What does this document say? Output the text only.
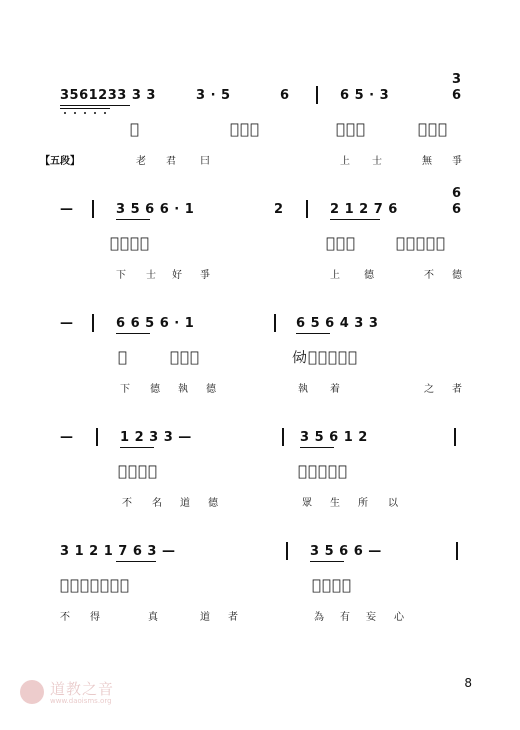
3
3561233 3 3	3 · 5	6	6 5 · 3	6
𫡸	𫢃𫡷𫡫	𫢅𫢃𫡺	𫢆𫢇𫢈
【五段】	老 君 曰	上 士	無 爭
6
—	3 5 6 6 · 1	2	2 1 2 7 6	6
𫢉𫢊𫢋𫢌	𫢍𫢎𫢏	𫢐𫢑𫢒𫢓𫢔
下 士 好 爭	上 德	不 德
—	6 6 5 6 · 1	6 5 6 4 3 3
𫢕	𫢖𫢗𫢘	𫢙𫢚𫢛𫢜𫢝𫢞
下 德 執 德	執 着	之 者
—	1 2 3 3 —	3 5 6 1 2
𫢟𫢠𫢡𫢢	𫢣𫢤𫢥𫢦𫢧
不 名 道 德	眾 生 所 以
3 1 2 1 7 6 3 —	3 5 6 6 —
𫢨𫢩𫢪𫢫𫢬𫢭𫢮	𫢯𫢰𫢱𫢲
不 得	真	道 者	為 有 妄 心
道教之音
www.daoisms.org
8
